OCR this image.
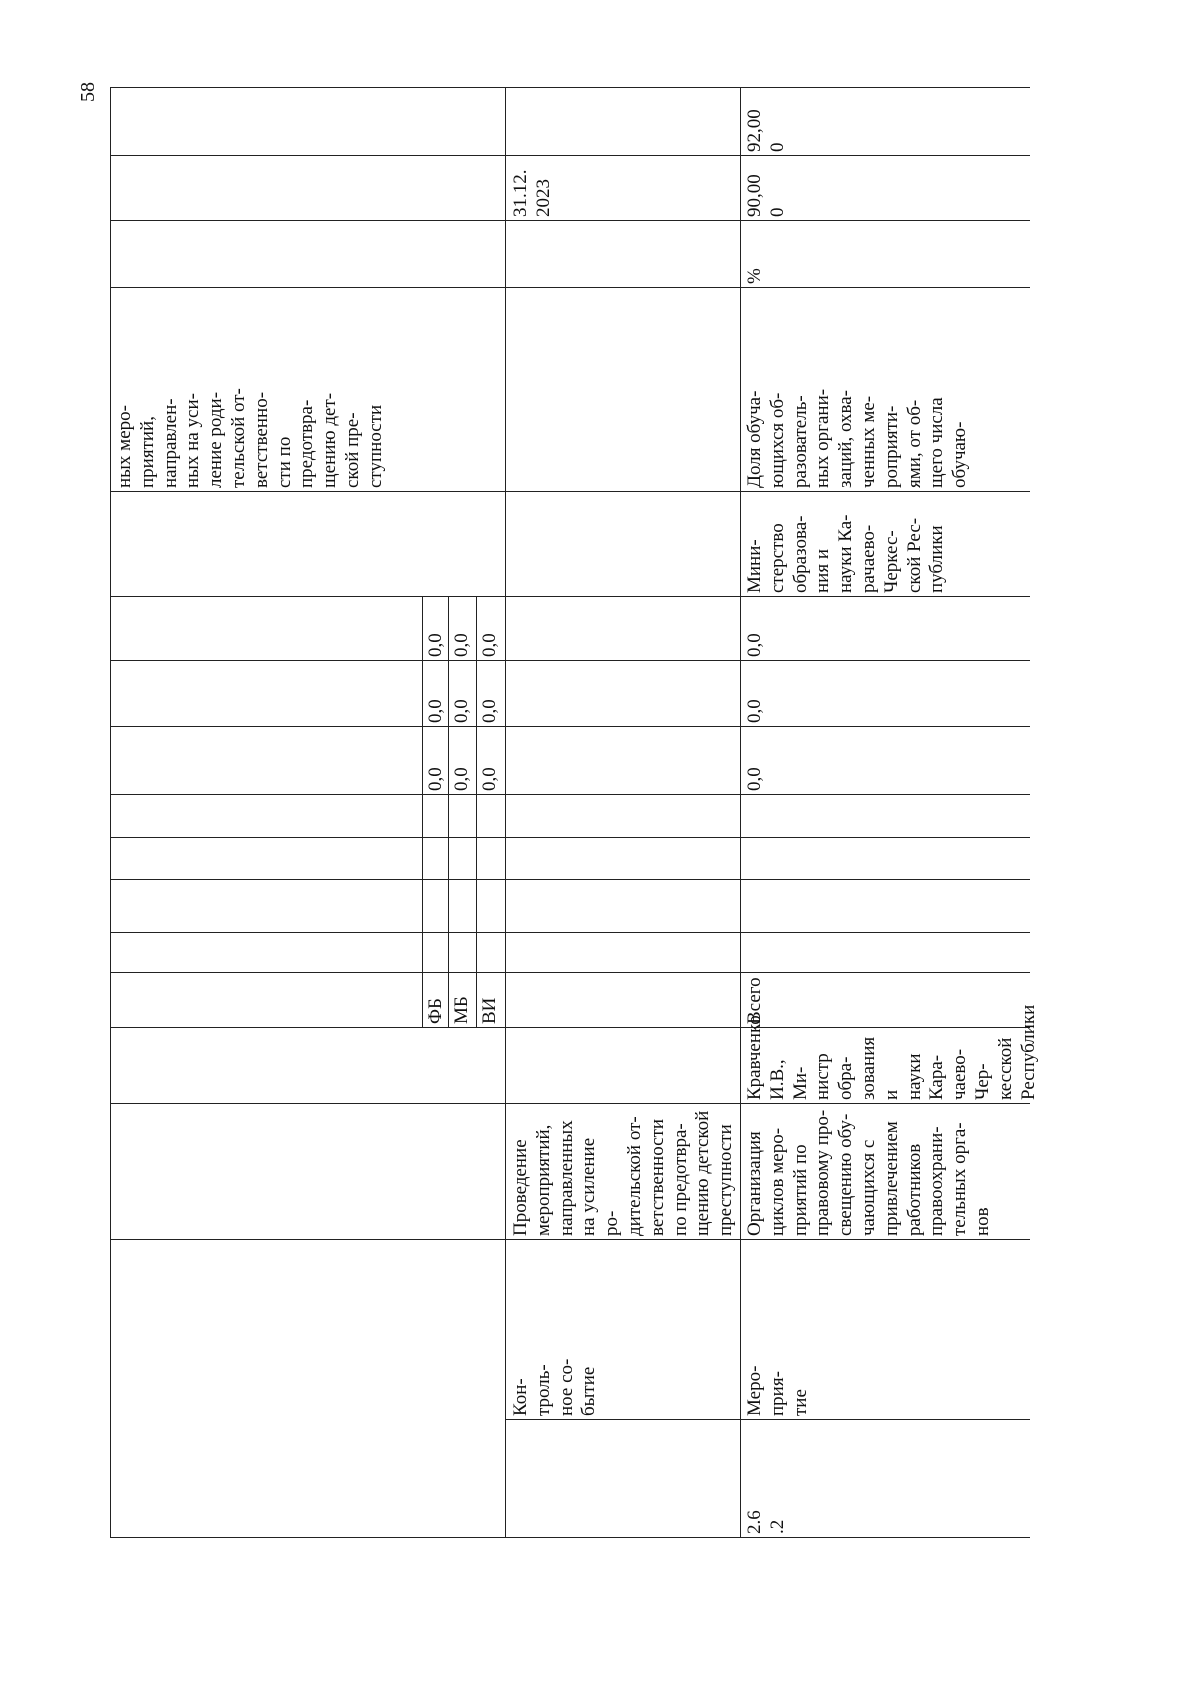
58
ных меро-
приятий,
направлен-
ных на уси-
ление роди-
тельской от-
ветственно-
сти по
предотвра-
щению дет-
ской пре-
ступности
ФБ
0,0
0,0
0,0
МБ
0,0
0,0
0,0
ВИ
0,0
0,0
0,0
Кон-
троль-
ное со-
бытие
Проведение
мероприятий,
направленных
на усиление ро-
дительской от-
ветственности
по предотвра-
щению детской
преступности
31.12.
2023
2.6
.2
Меро-
прия-
тие
Организация
циклов меро-
приятий по
правовому про-
свещению обу-
чающихся с
привлечением
работников
правоохрани-
тельных орга-
нов
Кравченко
И.В., Ми-
нистр обра-
зования и
науки Кара-
чаево-Чер-
кесской
Республики
Всего
0,0
0,0
0,0
Мини-
стерство
образова-
ния и
науки Ка-
рачаево-
Черкес-
ской Рес-
публики
Доля обуча-
ющихся об-
разователь-
ных органи-
заций, охва-
ченных ме-
роприяти-
ями, от об-
щего числа
обучаю-
%
90,00
0
92,00
0
